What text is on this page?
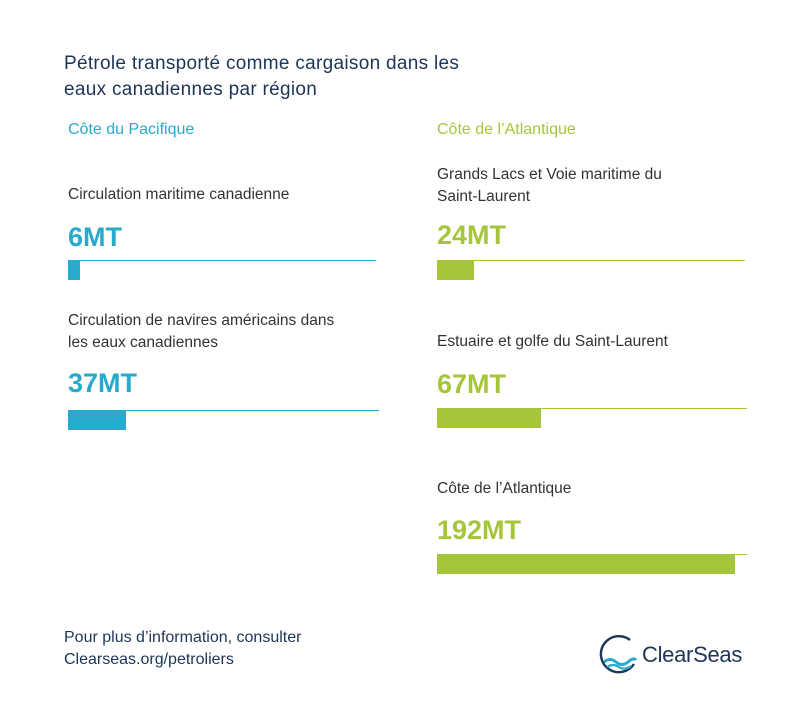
Pétrole transporté comme cargaison dans les
eaux canadiennes par région
Côte du Pacifique
Circulation maritime canadienne
6MT
Circulation de navires américains dans
les eaux canadiennes
37MT
Côte de l’Atlantique
Grands Lacs et Voie maritime du
Saint-Laurent
24MT
Estuaire et golfe du Saint-Laurent
67MT
Côte de l’Atlantique
192MT
Pour plus d’information, consulter
Clearseas.org/petroliers	ClearSeas
